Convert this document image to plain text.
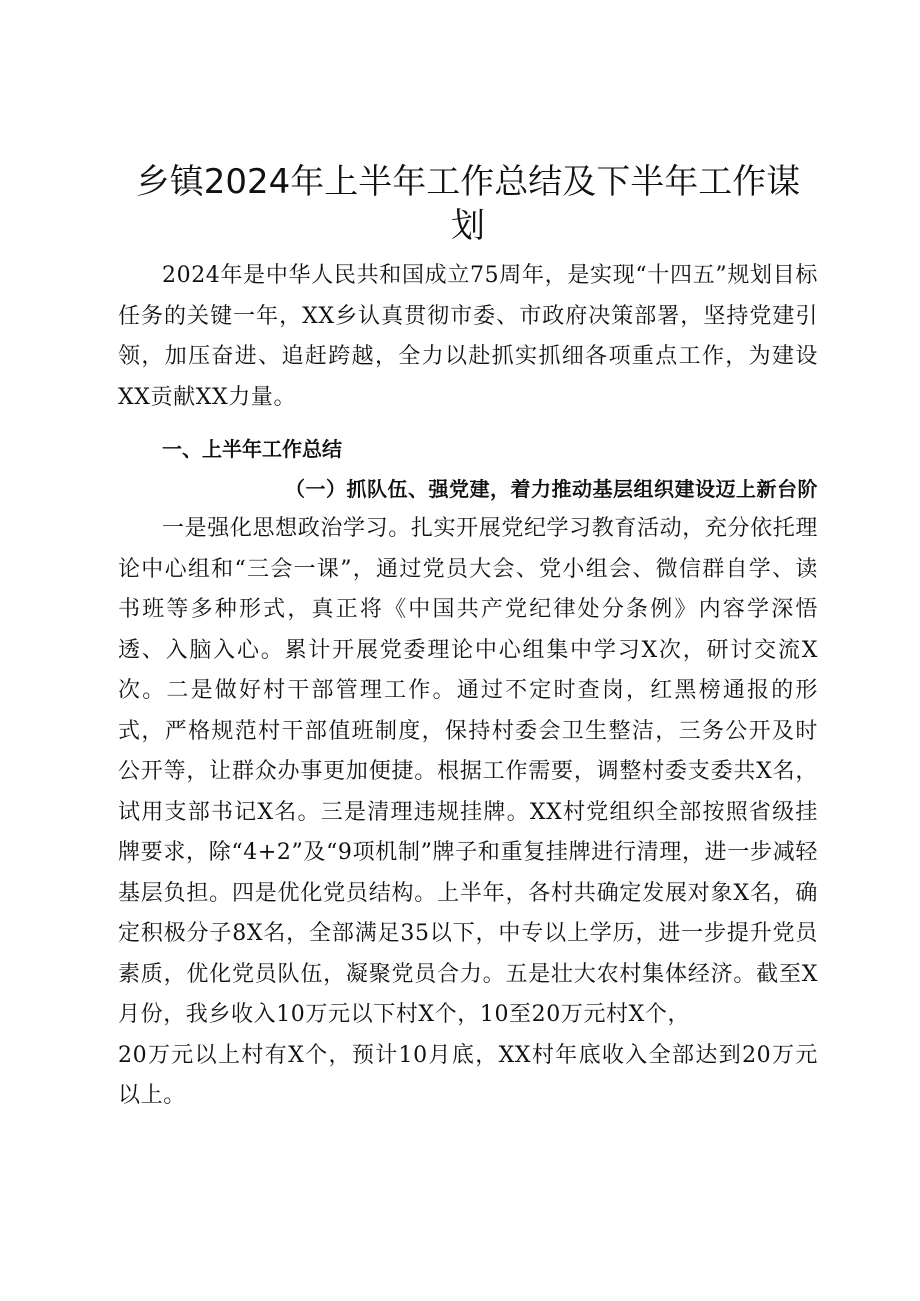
乡镇2024年上半年工作总结及下半年工作谋划

2024年是中华人民共和国成立75周年，是实现“十四五”规划目标任务的关键一年，XX乡认真贯彻市委、市政府决策部署，坚持党建引领，加压奋进、追赶跨越，全力以赴抓实抓细各项重点工作，为建设XX贡献XX力量。

一、上半年工作总结
（一）抓队伍、强党建，着力推动基层组织建设迈上新台阶

一是强化思想政治学习。扎实开展党纪学习教育活动，充分依托理论中心组和“三会一课”，通过党员大会、党小组会、微信群自学、读书班等多种形式，真正将《中国共产党纪律处分条例》内容学深悟透、入脑入心。累计开展党委理论中心组集中学习X次，研讨交流X次。二是做好村干部管理工作。通过不定时查岗，红黑榜通报的形式，严格规范村干部值班制度，保持村委会卫生整洁，三务公开及时公开等，让群众办事更加便捷。根据工作需要，调整村委支委共X名，试用支部书记X名。三是清理违规挂牌。XX村党组织全部按照省级挂牌要求，除“4+2”及“9项机制”牌子和重复挂牌进行清理，进一步减轻基层负担。四是优化党员结构。上半年，各村共确定发展对象X名，确定积极分子8X名，全部满足35以下，中专以上学历，进一步提升党员素质，优化党员队伍，凝聚党员合力。五是壮大农村集体经济。截至X月份，我乡收入10万元以下村X个，10至20万元村X个，

20万元以上村有X个，预计10月底，XX村年底收入全部达到20万元以上。
